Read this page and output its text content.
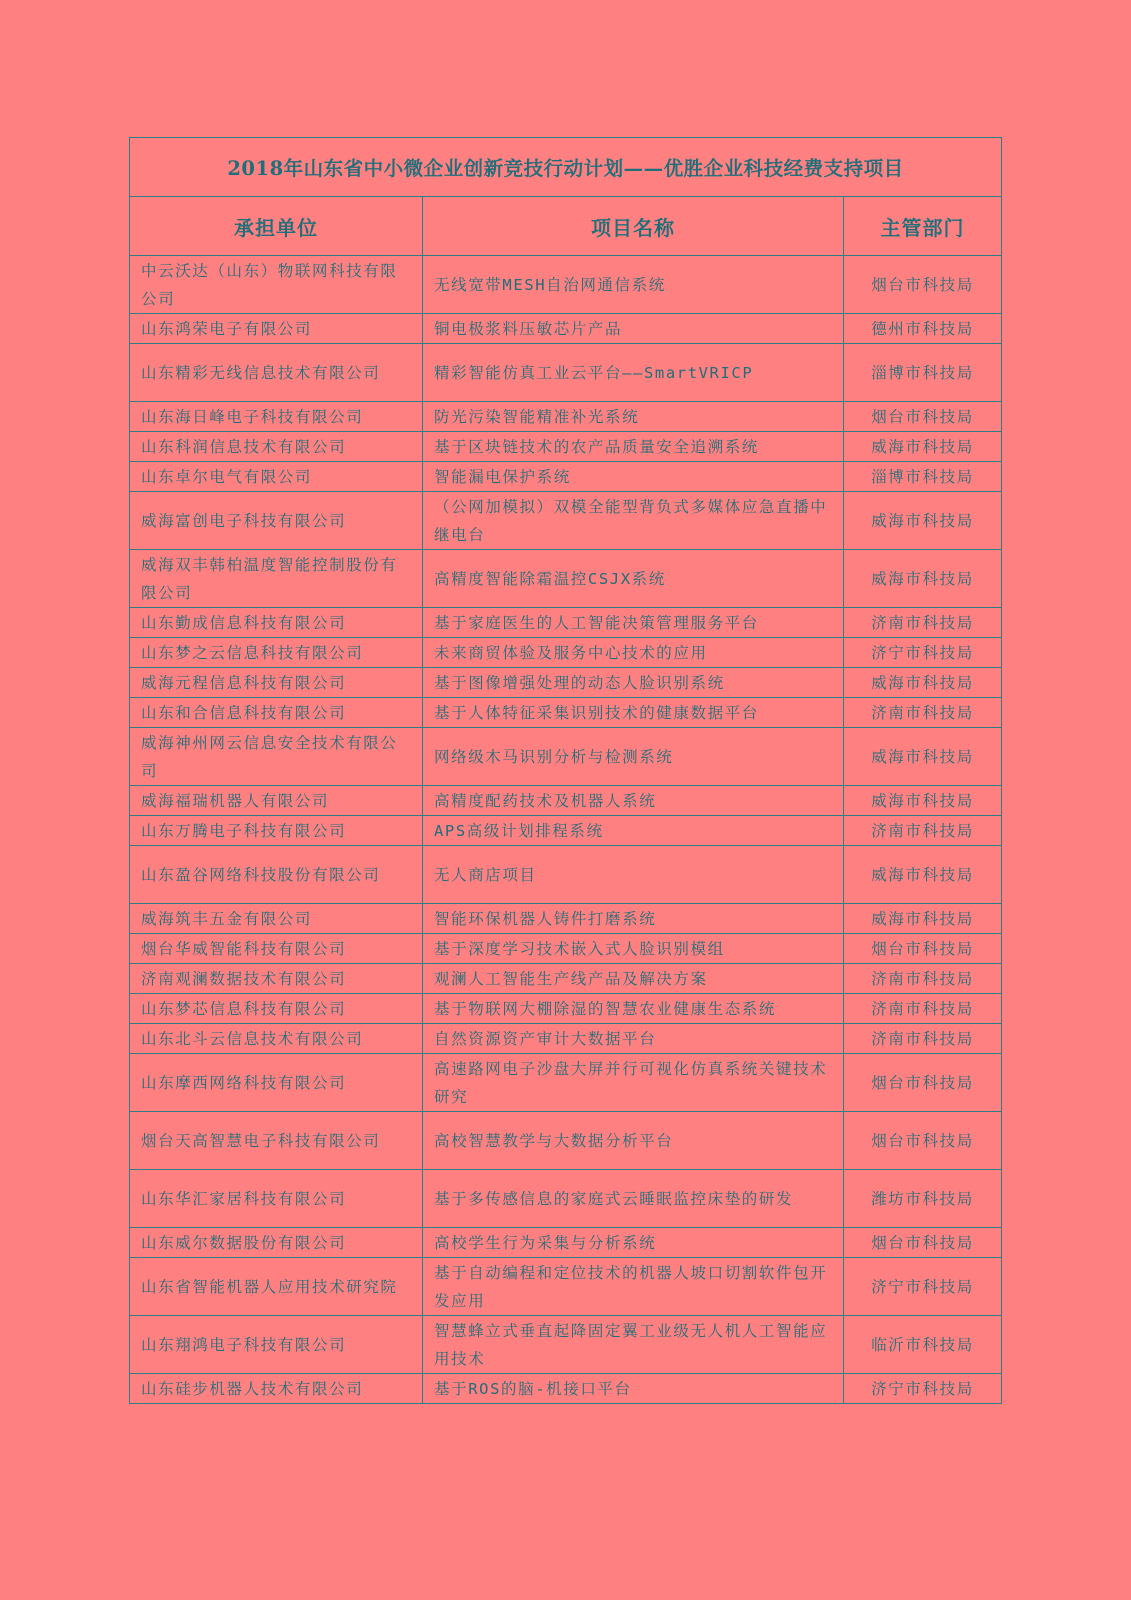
2018年山东省中小微企业创新竞技行动计划——优胜企业科技经费支持项目		
承担单位	项目名称	主管部门
中云沃达（山东）物联网科技有限公司	无线宽带MESH自治网通信系统	烟台市科技局
山东鸿荣电子有限公司	铜电极浆料压敏芯片产品	德州市科技局
山东精彩无线信息技术有限公司	精彩智能仿真工业云平台——SmartVRICP	淄博市科技局
山东海日峰电子科技有限公司	防光污染智能精准补光系统	烟台市科技局
山东科润信息技术有限公司	基于区块链技术的农产品质量安全追溯系统	威海市科技局
山东卓尔电气有限公司	智能漏电保护系统	淄博市科技局
威海富创电子科技有限公司	（公网加模拟）双模全能型背负式多媒体应急直播中继电台	威海市科技局
威海双丰韩柏温度智能控制股份有限公司	高精度智能除霜温控CSJX系统	威海市科技局
山东勤成信息科技有限公司	基于家庭医生的人工智能决策管理服务平台	济南市科技局
山东梦之云信息科技有限公司	未来商贸体验及服务中心技术的应用	济宁市科技局
威海元程信息科技有限公司	基于图像增强处理的动态人脸识别系统	威海市科技局
山东和合信息科技有限公司	基于人体特征采集识别技术的健康数据平台	济南市科技局
威海神州网云信息安全技术有限公司	网络级木马识别分析与检测系统	威海市科技局
威海福瑞机器人有限公司	高精度配药技术及机器人系统	威海市科技局
山东万腾电子科技有限公司	APS高级计划排程系统	济南市科技局
山东盈谷网络科技股份有限公司	无人商店项目	威海市科技局
威海筑丰五金有限公司	智能环保机器人铸件打磨系统	威海市科技局
烟台华威智能科技有限公司	基于深度学习技术嵌入式人脸识别模组	烟台市科技局
济南观澜数据技术有限公司	观澜人工智能生产线产品及解决方案	济南市科技局
山东梦芯信息科技有限公司	基于物联网大棚除湿的智慧农业健康生态系统	济南市科技局
山东北斗云信息技术有限公司	自然资源资产审计大数据平台	济南市科技局
山东摩西网络科技有限公司	高速路网电子沙盘大屏并行可视化仿真系统关键技术研究	烟台市科技局
烟台天高智慧电子科技有限公司	高校智慧教学与大数据分析平台	烟台市科技局
山东华汇家居科技有限公司	基于多传感信息的家庭式云睡眠监控床垫的研发	潍坊市科技局
山东威尔数据股份有限公司	高校学生行为采集与分析系统	烟台市科技局
山东省智能机器人应用技术研究院	基于自动编程和定位技术的机器人坡口切割软件包开发应用	济宁市科技局
山东翔鸿电子科技有限公司	智慧蜂立式垂直起降固定翼工业级无人机人工智能应用技术	临沂市科技局
山东硅步机器人技术有限公司	基于ROS的脑-机接口平台	济宁市科技局
